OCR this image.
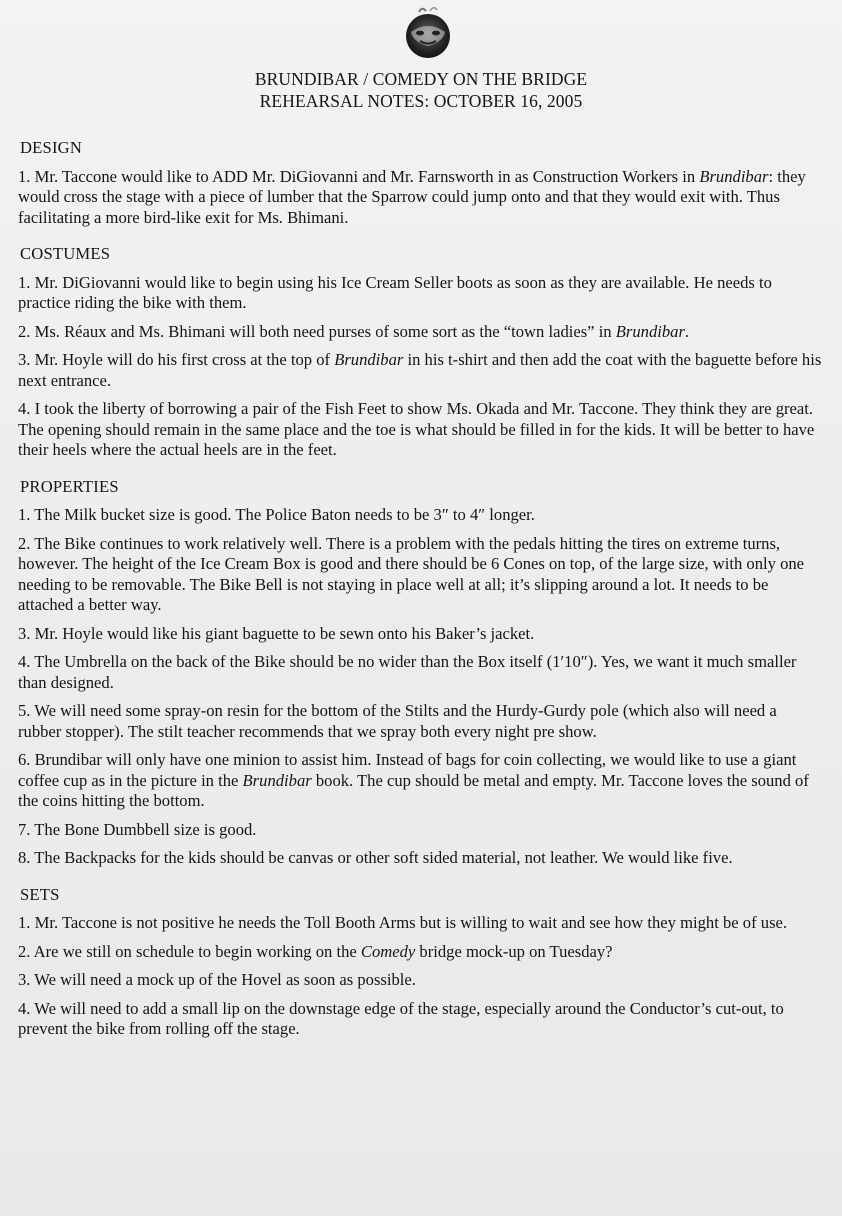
BRUNDIBAR / COMEDY ON THE BRIDGE
REHEARSAL NOTES: OCTOBER 16, 2005
DESIGN
1. Mr. Taccone would like to ADD Mr. DiGiovanni and Mr. Farnsworth in as Construction Workers in Brundibar: they would cross the stage with a piece of lumber that the Sparrow could jump onto and that they would exit with. Thus facilitating a more bird-like exit for Ms. Bhimani.
COSTUMES
1. Mr. DiGiovanni would like to begin using his Ice Cream Seller boots as soon as they are available. He needs to practice riding the bike with them.
2. Ms. Réaux and Ms. Bhimani will both need purses of some sort as the “town ladies” in Brundibar.
3. Mr. Hoyle will do his first cross at the top of Brundibar in his t-shirt and then add the coat with the baguette before his next entrance.
4. I took the liberty of borrowing a pair of the Fish Feet to show Ms. Okada and Mr. Taccone. They think they are great. The opening should remain in the same place and the toe is what should be filled in for the kids. It will be better to have their heels where the actual heels are in the feet.
PROPERTIES
1. The Milk bucket size is good. The Police Baton needs to be 3″ to 4″ longer.
2. The Bike continues to work relatively well. There is a problem with the pedals hitting the tires on extreme turns, however. The height of the Ice Cream Box is good and there should be 6 Cones on top, of the large size, with only one needing to be removable. The Bike Bell is not staying in place well at all; it’s slipping around a lot. It needs to be attached a better way.
3. Mr. Hoyle would like his giant baguette to be sewn onto his Baker’s jacket.
4. The Umbrella on the back of the Bike should be no wider than the Box itself (1′10″). Yes, we want it much smaller than designed.
5. We will need some spray-on resin for the bottom of the Stilts and the Hurdy-Gurdy pole (which also will need a rubber stopper). The stilt teacher recommends that we spray both every night pre show.
6. Brundibar will only have one minion to assist him. Instead of bags for coin collecting, we would like to use a giant coffee cup as in the picture in the Brundibar book. The cup should be metal and empty. Mr. Taccone loves the sound of the coins hitting the bottom.
7. The Bone Dumbbell size is good.
8. The Backpacks for the kids should be canvas or other soft sided material, not leather. We would like five.
SETS
1. Mr. Taccone is not positive he needs the Toll Booth Arms but is willing to wait and see how they might be of use.
2. Are we still on schedule to begin working on the Comedy bridge mock-up on Tuesday?
3. We will need a mock up of the Hovel as soon as possible.
4. We will need to add a small lip on the downstage edge of the stage, especially around the Conductor’s cut-out, to prevent the bike from rolling off the stage.
